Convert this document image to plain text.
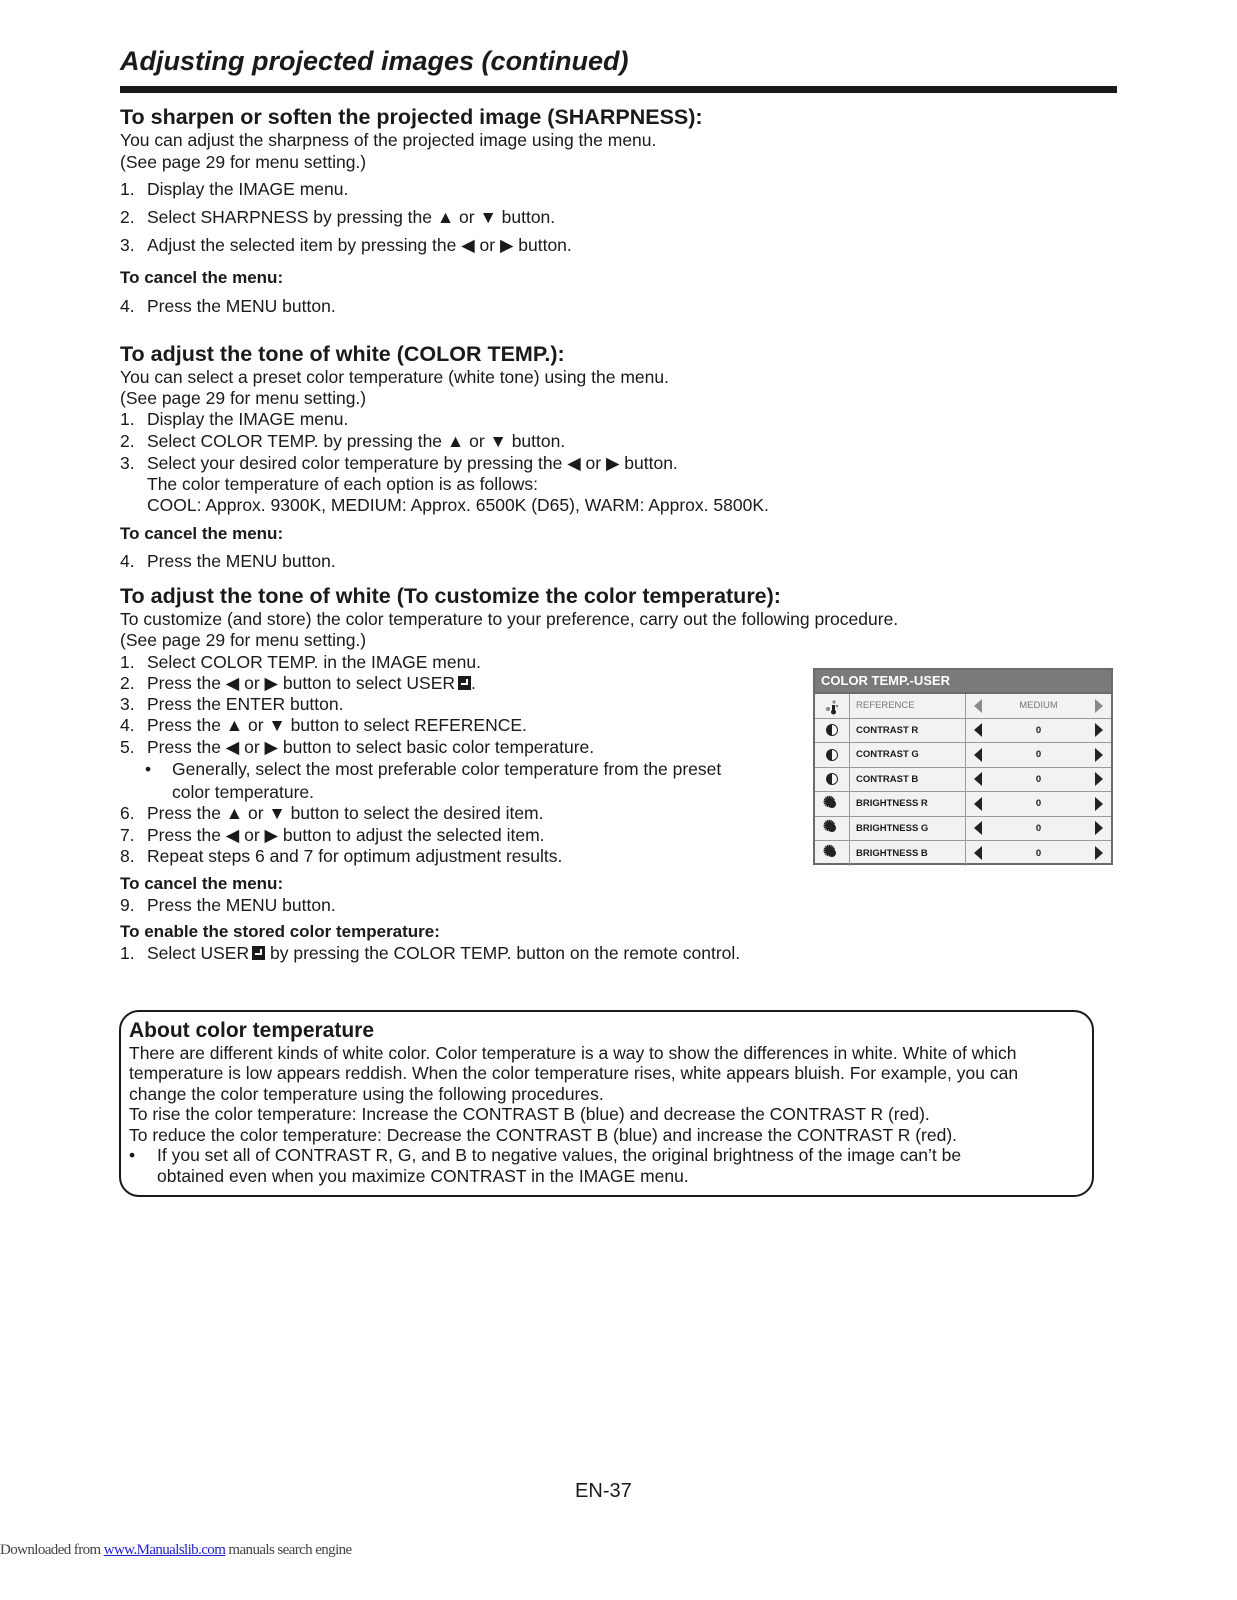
Adjusting projected images (continued)
To sharpen or soften the projected image (SHARPNESS):
You can adjust the sharpness of the projected image using the menu.
(See page 29 for menu setting.)
1. Display the IMAGE menu.
2. Select SHARPNESS by pressing the ▲ or ▼ button.
3. Adjust the selected item by pressing the ◀ or ▶ button.
To cancel the menu:
4. Press the MENU button.
To adjust the tone of white (COLOR TEMP.):
You can select a preset color temperature (white tone) using the menu.
(See page 29 for menu setting.)
1. Display the IMAGE menu.
2. Select COLOR TEMP. by pressing the ▲ or ▼ button.
3. Select your desired color temperature by pressing the ◀ or ▶ button.
The color temperature of each option is as follows:
COOL: Approx. 9300K, MEDIUM: Approx. 6500K (D65), WARM: Approx. 5800K.
To cancel the menu:
4. Press the MENU button.
To adjust the tone of white (To customize the color temperature):
To customize (and store) the color temperature to your preference, carry out the following procedure.
(See page 29 for menu setting.)
1. Select COLOR TEMP. in the IMAGE menu.
2. Press the ◀ or ▶ button to select USER .
3. Press the ENTER button.
4. Press the ▲ or ▼ button to select REFERENCE.
5. Press the ◀ or ▶ button to select basic color temperature.
• Generally, select the most preferable color temperature from the preset
color temperature.
6. Press the ▲ or ▼ button to select the desired item.
7. Press the ◀ or ▶ button to adjust the selected item.
8. Repeat steps 6 and 7 for optimum adjustment results.
To cancel the menu:
9. Press the MENU button.
To enable the stored color temperature:
1. Select USER by pressing the COLOR TEMP. button on the remote control.
COLOR TEMP.-USER
REFERENCE	MEDIUM
CONTRAST R	0
CONTRAST G	0
CONTRAST B	0
✺
BRIGHTNESS R	0
✺
BRIGHTNESS G	0
✺
BRIGHTNESS B	0
About color temperature
There are different kinds of white color. Color temperature is a way to show the differences in white. White of which
temperature is low appears reddish. When the color temperature rises, white appears bluish. For example, you can
change the color temperature using the following procedures.
To rise the color temperature: Increase the CONTRAST B (blue) and decrease the CONTRAST R (red).
To reduce the color temperature: Decrease the CONTRAST B (blue) and increase the CONTRAST R (red).
• If you set all of CONTRAST R, G, and B to negative values, the original brightness of the image can’t be
obtained even when you maximize CONTRAST in the IMAGE menu.
EN-37
Downloaded from www.Manualslib.com manuals search engine
